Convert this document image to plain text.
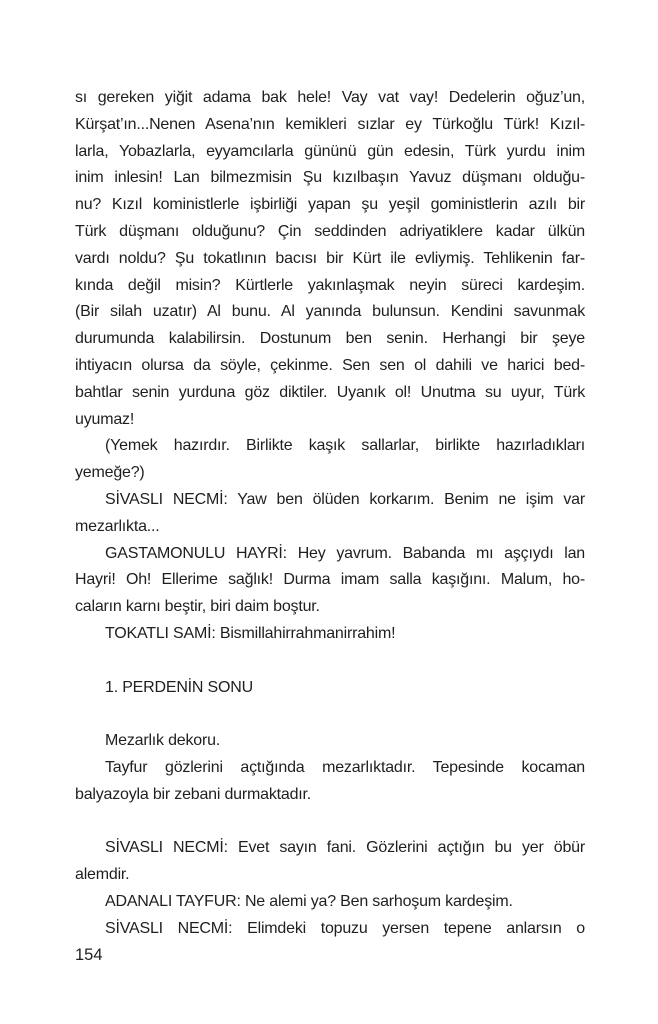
sı gereken yiğit adama bak hele! Vay vat vay! Dedelerin oğuz’un,
Kürşat’ın...Nenen Asena’nın kemikleri sızlar ey Türkoğlu Türk! Kızıl-
larla, Yobazlarla, eyyamcılarla gününü gün edesin, Türk yurdu inim
inim inlesin! Lan bilmezmisin Şu kızılbaşın Yavuz düşmanı olduğu-
nu? Kızıl koministlerle işbirliği yapan şu yeşil goministlerin azılı bir
Türk düşmanı olduğunu? Çin seddinden adriyatiklere kadar ülkün
vardı noldu? Şu tokatlının bacısı bir Kürt ile evliymiş. Tehlikenin far-
kında değil misin? Kürtlerle yakınlaşmak neyin süreci kardeşim.
(Bir silah uzatır) Al bunu. Al yanında bulunsun. Kendini savunmak
durumunda kalabilirsin. Dostunum ben senin. Herhangi bir şeye
ihtiyacın olursa da söyle, çekinme. Sen sen ol dahili ve harici bed-
bahtlar senin yurduna göz diktiler. Uyanık ol! Unutma su uyur, Türk
uyumaz!
(Yemek hazırdır. Birlikte kaşık sallarlar, birlikte hazırladıkları
yemeğe?)
SİVASLI NECMİ: Yaw ben ölüden korkarım. Benim ne işim var
mezarlıkta...
GASTAMONULU HAYRİ: Hey yavrum. Babanda mı aşçıydı lan
Hayri! Oh! Ellerime sağlık! Durma imam salla kaşığını. Malum, ho-
caların karnı beştir, biri daim boştur.
TOKATLI SAMİ: Bismillahirrahmanirrahim!
1. PERDENİN SONU
Mezarlık dekoru.
Tayfur gözlerini açtığında mezarlıktadır. Tepesinde kocaman
balyazoyla bir zebani durmaktadır.
SİVASLI NECMİ: Evet sayın fani. Gözlerini açtığın bu yer öbür
alemdir.
ADANALI TAYFUR: Ne alemi ya? Ben sarhoşum kardeşim.
SİVASLI NECMİ: Elimdeki topuzu yersen tepene anlarsın o
154
